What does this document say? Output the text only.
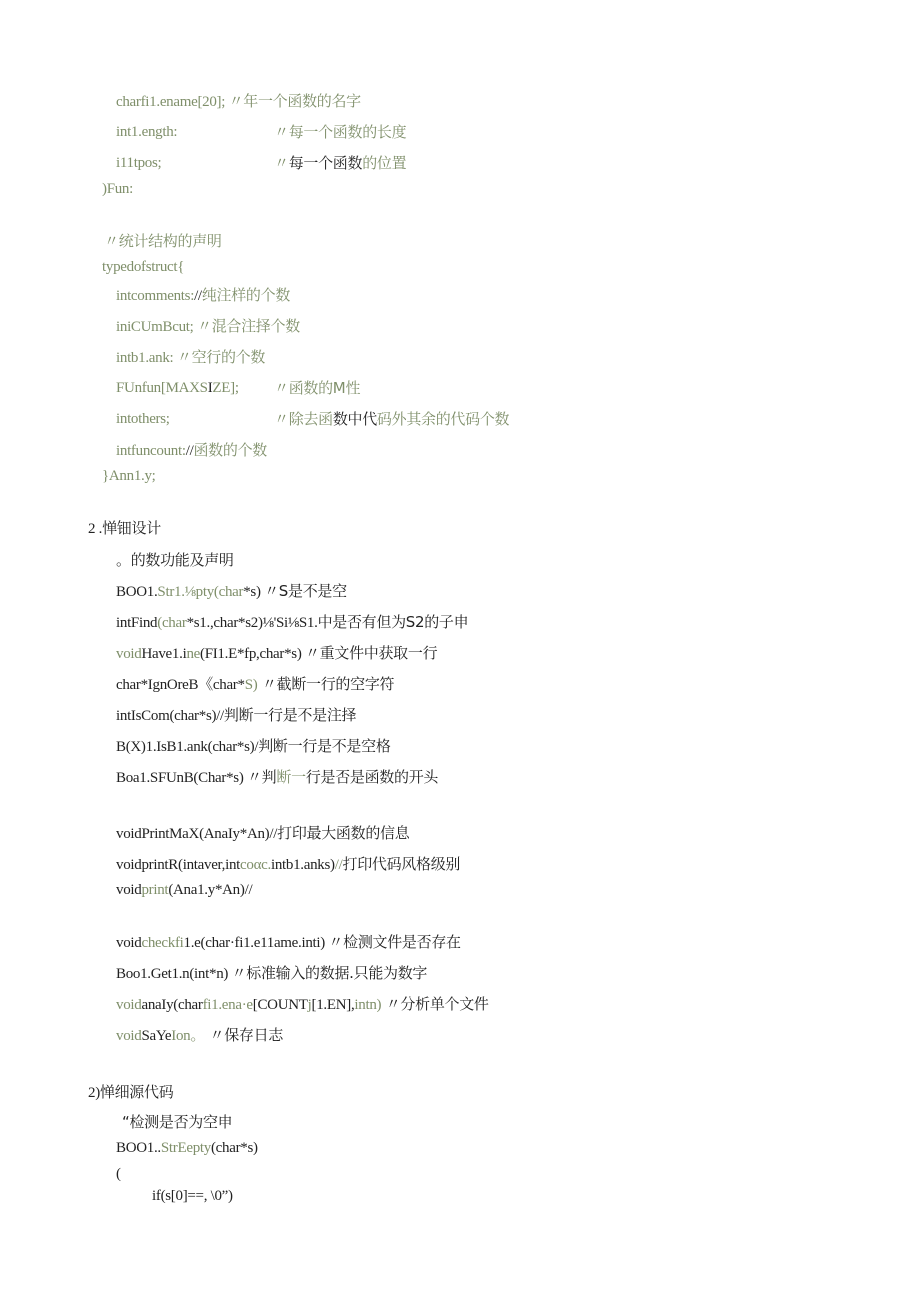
charfi1.ename[20]; 〃年一个函数的名字
int1.ength:	〃每一个函数的长度
i11tpos;	〃每一个函数的位置
)Fun:
〃统计结构的声明
typedofstruct{
intcomments://纯注样的个数
iniCUmBcut; 〃混合注择个数
intb1.ank: 〃空行的个数
FUnfun[MAXSIZE]; 〃函数的M性
intothers;	〃除去函数中代码外其余的代码个数
intfuncount://函数的个数
}Ann1.y;
2 .惮钿设计
。的数功能及声明
BOO1.Str1.⅛pty(char*s) 〃S是不是空
intFind(char*s1.,char*s2)⅛'Si⅛S1.中是否有但为S2的子申
voidHave1.ine(FI1.E*fp,char*s) 〃重文件中获取一行
char*IgnOreB《char*S) 〃截断一行的空字符
intIsCom(char*s)//判断一行是不是注择
B(X)1.IsB1.ank(char*s)/判断一行是不是空格
Boa1.SFUnB(Char*s) 〃判断一行是否是函数的开头
voidPrintMaX(AnaIy*An)//打印最大函数的信息
voidprintR(intaver,intcoαc.intb1.anks)//打印代码风格级别
voidprint(Ana1.y*An)//
voidcheckfi1.e(char·fi1.e11ame.inti) 〃检测文件是否存在
Boo1.Get1.n(int*n) 〃标准输入的数据.只能为数字
voidanaIy(charfi1.ena·e[COUNTj[1.EN],intn) 〃分析单个文件
voidSaYeIon。 〃保存日志
2)惮细源代码
“检测是否为空申
BOO1..StrEepty(char*s)
(
if(s[0]==, \0”)
